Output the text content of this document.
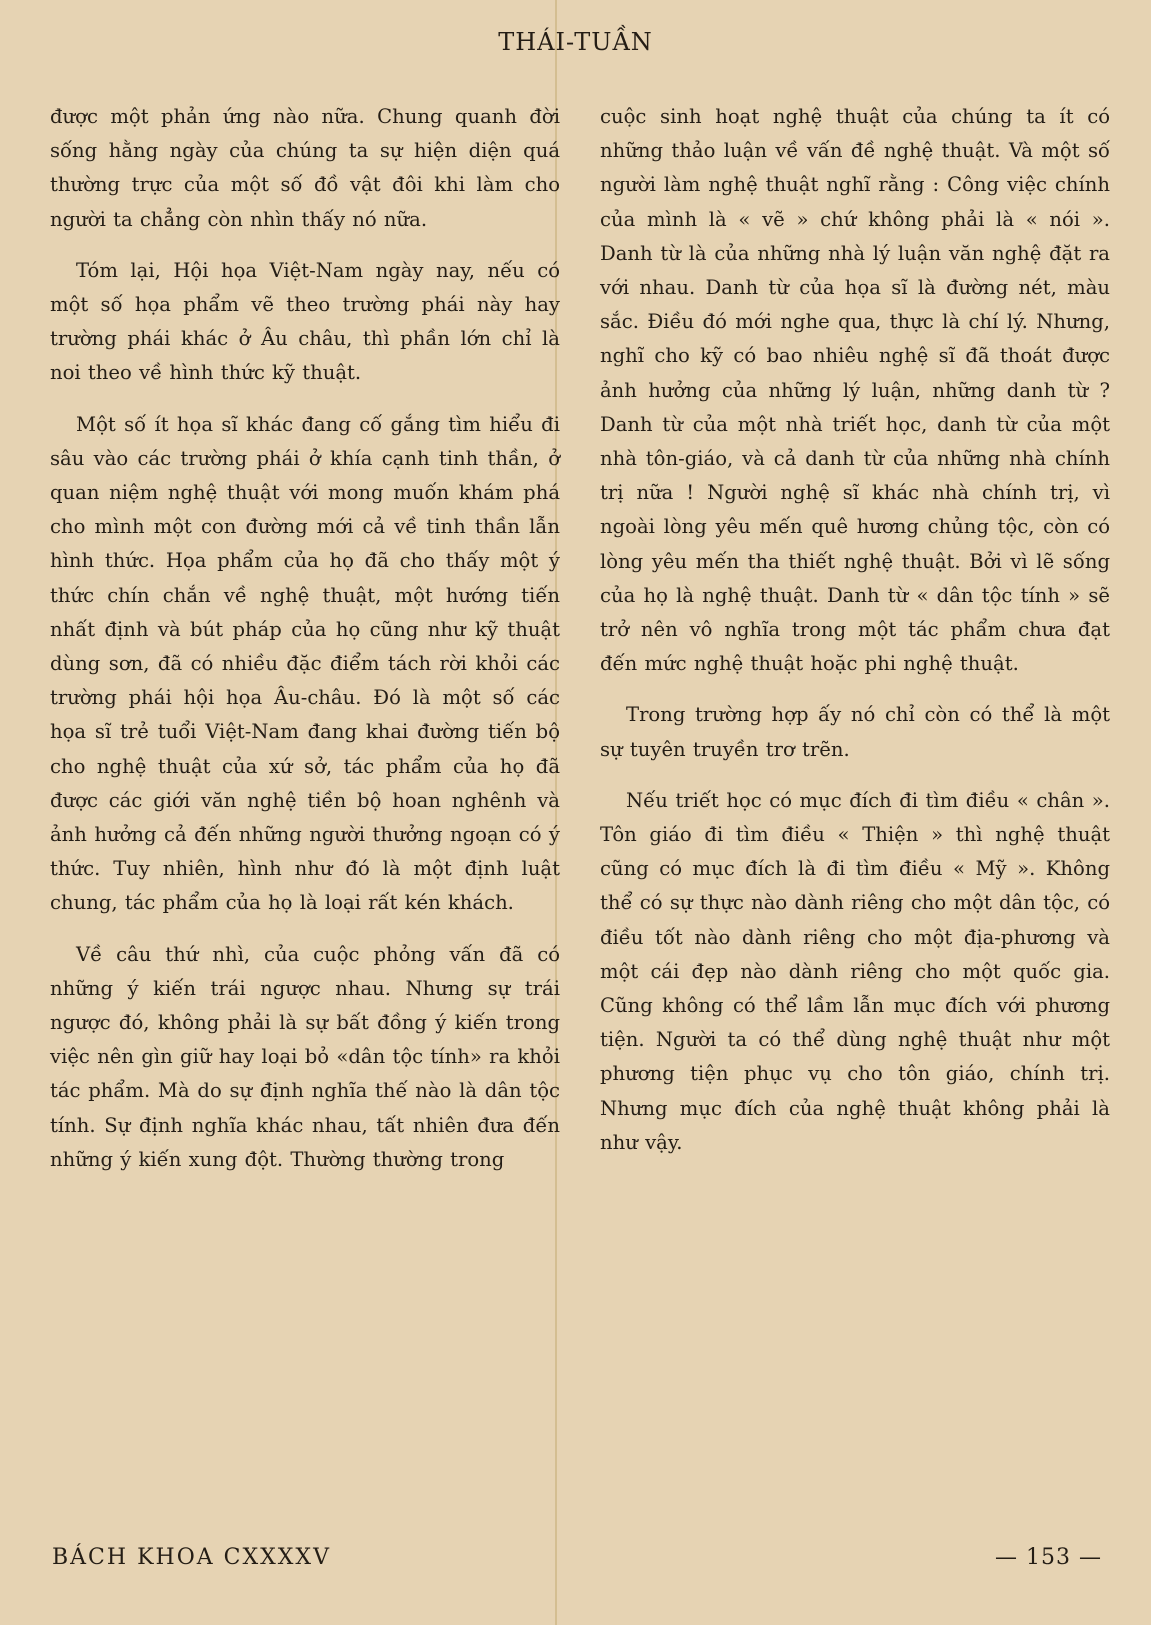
THÁI-TUẦN

được một phản ứng nào nữa. Chung quanh đời sống hằng ngày của chúng ta sự hiện diện quá thường trực của một số đồ vật đôi khi làm cho người ta chẳng còn nhìn thấy nó nữa.

Tóm lại, Hội họa Việt-Nam ngày nay, nếu có một số họa phẩm vẽ theo trường phái này hay trường phái khác ở Âu châu, thì phần lớn chỉ là noi theo về hình thức kỹ thuật.

Một số ít họa sĩ khác đang cố gắng tìm hiểu đi sâu vào các trường phái ở khía cạnh tinh thần, ở quan niệm nghệ thuật với mong muốn khám phá cho mình một con đường mới cả về tinh thần lẫn hình thức. Họa phẩm của họ đã cho thấy một ý thức chín chắn về nghệ thuật, một hướng tiến nhất định và bút pháp của họ cũng như kỹ thuật dùng sơn, đã có nhiều đặc điểm tách rời khỏi các trường phái hội họa Âu-châu. Đó là một số các họa sĩ trẻ tuổi Việt-Nam đang khai đường tiến bộ cho nghệ thuật của xứ sở, tác phẩm của họ đã được các giới văn nghệ tiền bộ hoan nghênh và ảnh hưởng cả đến những người thưởng ngoạn có ý thức. Tuy nhiên, hình như đó là một định luật chung, tác phẩm của họ là loại rất kén khách.

Về câu thứ nhì, của cuộc phỏng vấn đã có những ý kiến trái ngược nhau. Nhưng sự trái ngược đó, không phải là sự bất đồng ý kiến trong việc nên gìn giữ hay loại bỏ «dân tộc tính» ra khỏi tác phẩm. Mà do sự định nghĩa thế nào là dân tộc tính. Sự định nghĩa khác nhau, tất nhiên đưa đến những ý kiến xung đột. Thường thường trong

cuộc sinh hoạt nghệ thuật của chúng ta ít có những thảo luận về vấn đề nghệ thuật. Và một số người làm nghệ thuật nghĩ rằng : Công việc chính của mình là « vẽ » chứ không phải là « nói ». Danh từ là của những nhà lý luận văn nghệ đặt ra với nhau. Danh từ của họa sĩ là đường nét, màu sắc. Điều đó mới nghe qua, thực là chí lý. Nhưng, nghĩ cho kỹ có bao nhiêu nghệ sĩ đã thoát được ảnh hưởng của những lý luận, những danh từ ? Danh từ của một nhà triết học, danh từ của một nhà tôn-giáo, và cả danh từ của những nhà chính trị nữa ! Người nghệ sĩ khác nhà chính trị, vì ngoài lòng yêu mến quê hương chủng tộc, còn có lòng yêu mến tha thiết nghệ thuật. Bởi vì lẽ sống của họ là nghệ thuật. Danh từ « dân tộc tính » sẽ trở nên vô nghĩa trong một tác phẩm chưa đạt đến mức nghệ thuật hoặc phi nghệ thuật.

Trong trường hợp ấy nó chỉ còn có thể là một sự tuyên truyền trơ trẽn.

Nếu triết học có mục đích đi tìm điều « chân ». Tôn giáo đi tìm điều « Thiện » thì nghệ thuật cũng có mục đích là đi tìm điều « Mỹ ». Không thể có sự thực nào dành riêng cho một dân tộc, có điều tốt nào dành riêng cho một địa-phương và một cái đẹp nào dành riêng cho một quốc gia. Cũng không có thể lầm lẫn mục đích với phương tiện. Người ta có thể dùng nghệ thuật như một phương tiện phục vụ cho tôn giáo, chính trị. Nhưng mục đích của nghệ thuật không phải là như vậy.

BÁCH KHOA CXXXXV	— 153 —
